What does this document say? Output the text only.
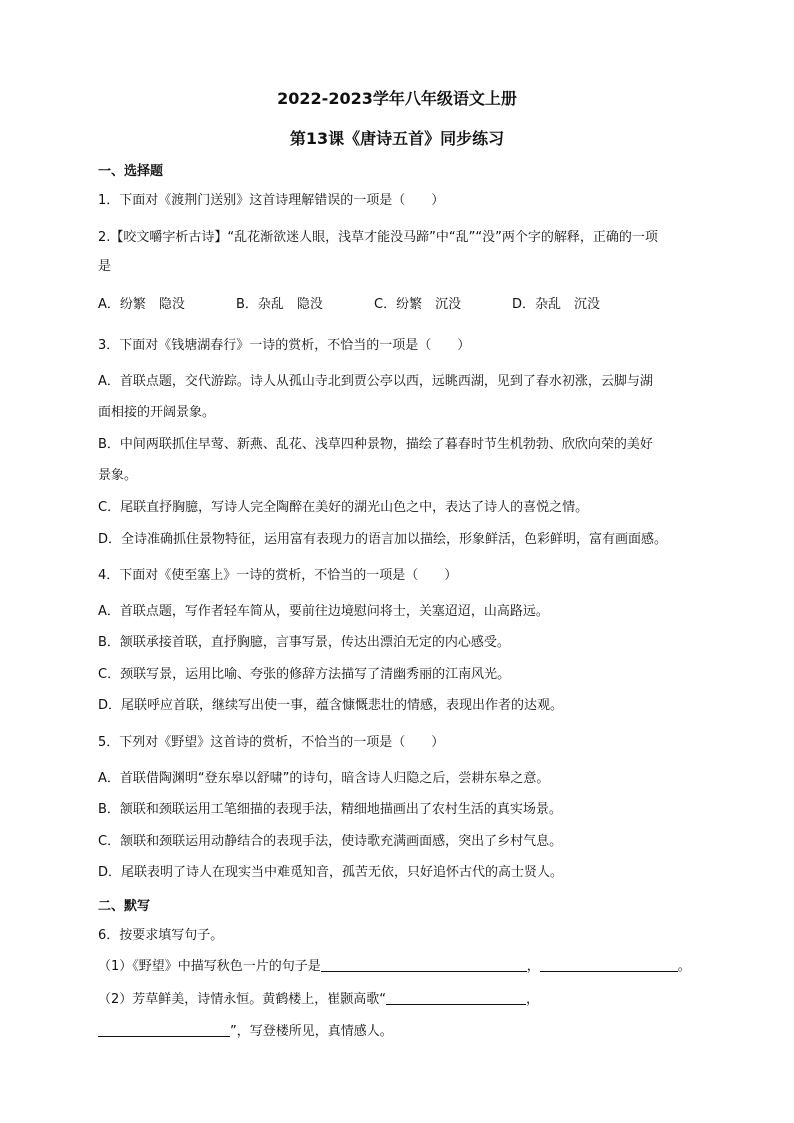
2022-2023学年八年级语文上册
第13课《唐诗五首》同步练习
一、选择题
1．下面对《渡荆门送别》这首诗理解错误的一项是（　　）
2.【咬文嚼字析古诗】“乱花渐欲迷人眼，浅草才能没马蹄”中“乱”“没”两个字的解释，正确的一项
是
A．纷繁　隐没	B．杂乱　隐没	C．纷繁　沉没	D．杂乱　沉没
3．下面对《钱塘湖春行》一诗的赏析，不恰当的一项是（　　）
A．首联点题，交代游踪。诗人从孤山寺北到贾公亭以西，远眺西湖，见到了春水初涨，云脚与湖
面相接的开阔景象。
B．中间两联抓住早莺、新燕、乱花、浅草四种景物，描绘了暮春时节生机勃勃、欣欣向荣的美好
景象。
C．尾联直抒胸臆，写诗人完全陶醉在美好的湖光山色之中，表达了诗人的喜悦之情。
D．全诗准确抓住景物特征，运用富有表现力的语言加以描绘，形象鲜活，色彩鲜明，富有画面感。
4．下面对《使至塞上》一诗的赏析，不恰当的一项是（　　）
A．首联点题，写作者轻车简从，要前往边境慰问将士，关塞迢迢，山高路远。
B．颔联承接首联，直抒胸臆，言事写景，传达出漂泊无定的内心感受。
C．颈联写景，运用比喻、夸张的修辞方法描写了清幽秀丽的江南风光。
D．尾联呼应首联，继续写出使一事，蕴含慷慨悲壮的情感，表现出作者的达观。
5．下列对《野望》这首诗的赏析，不恰当的一项是（　　）
A．首联借陶渊明“登东皋以舒啸”的诗句，暗含诗人归隐之后，尝耕东皋之意。
B．颔联和颈联运用工笔细描的表现手法，精细地描画出了农村生活的真实场景。
C．颔联和颈联运用动静结合的表现手法，使诗歌充满画面感，突出了乡村气息。
D．尾联表明了诗人在现实当中难觅知音，孤苦无依，只好追怀古代的高士贤人。
二、默写
6．按要求填写句子。
（1）《野望》中描写秋色一片的句子是	，	。
（2）芳草鲜美，诗情永恒。黄鹤楼上，崔颢高歌“	，
”，写登楼所见，真情感人。
